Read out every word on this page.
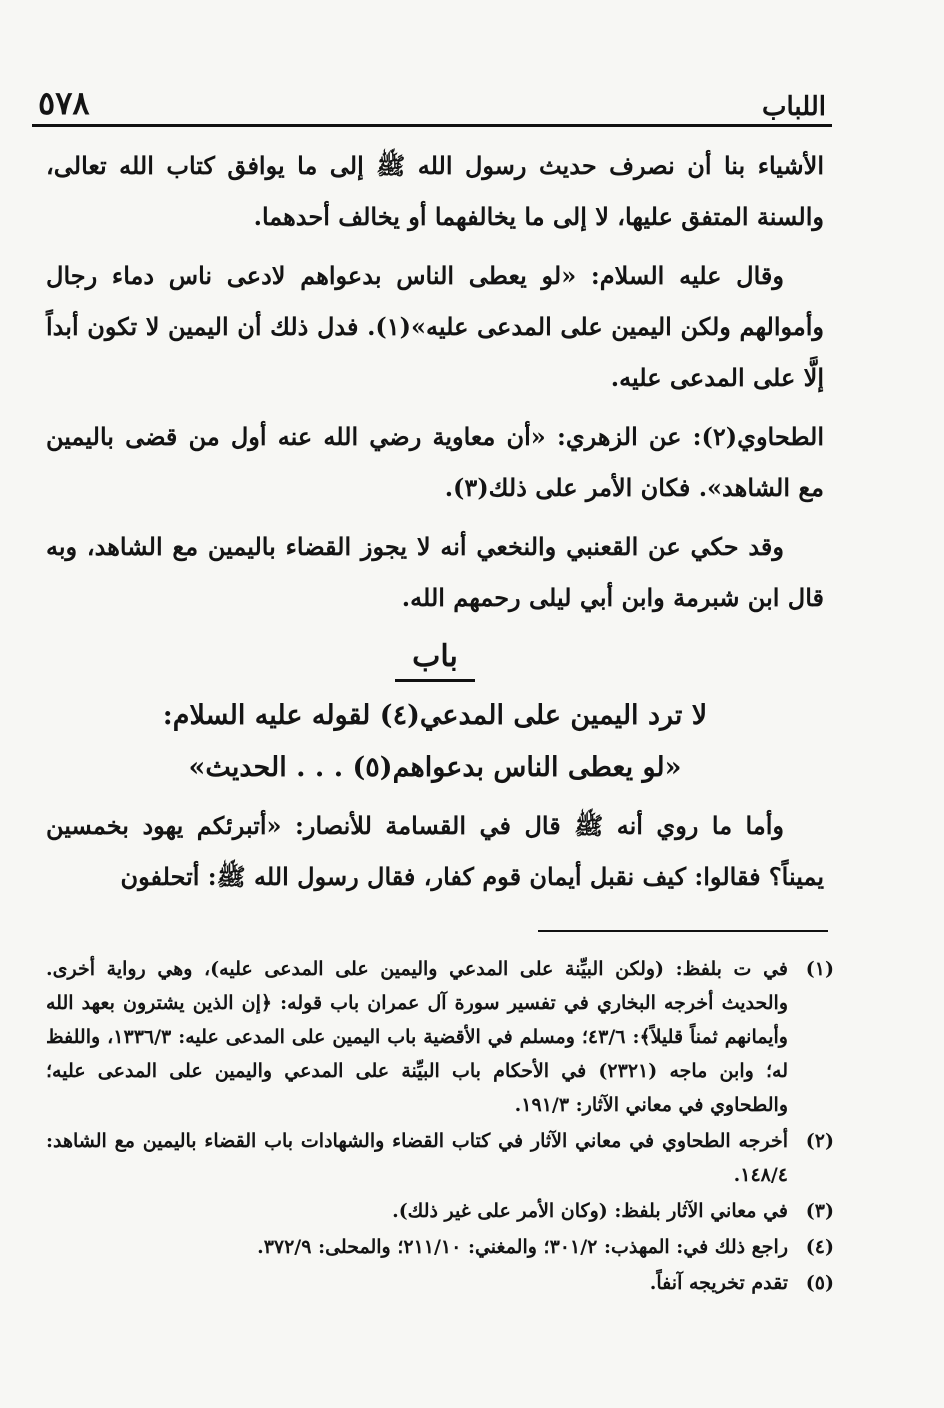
اللباب
٥٧٨

الأشياء بنا أن نصرف حديث رسول الله ﷺ إلى ما يوافق كتاب الله تعالى، والسنة المتفق عليها، لا إلى ما يخالفهما أو يخالف أحدهما.

وقال عليه السلام: «لو يعطى الناس بدعواهم لادعى ناس دماء رجال وأموالهم ولكن اليمين على المدعى عليه»(١). فدل ذلك أن اليمين لا تكون أبداً إلَّا على المدعى عليه.

الطحاوي(٢): عن الزهري: «أن معاوية رضي الله عنه أول من قضى باليمين مع الشاهد». فكان الأمر على ذلك(٣).

وقد حكي عن القعنبي والنخعي أنه لا يجوز القضاء باليمين مع الشاهد، وبه قال ابن شبرمة وابن أبي ليلى رحمهم الله.

باب
لا ترد اليمين على المدعي(٤) لقوله عليه السلام:
«لو يعطى الناس بدعواهم(٥) . . . الحديث»

وأما ما روي أنه ﷺ قال في القسامة للأنصار: «أتبرئكم يهود بخمسين يميناً؟ فقالوا: كيف نقبل أيمان قوم كفار، فقال رسول الله ﷺ: أتحلفون

(١)
في ت بلفظ: (ولكن البيِّنة على المدعي واليمين على المدعى عليه)، وهي رواية أخرى. والحديث أخرجه البخاري في تفسير سورة آل عمران باب قوله: ﴿إن الذين يشترون بعهد الله وأيمانهم ثمناً قليلاً﴾: ٤٣/٦؛ ومسلم في الأقضية باب اليمين على المدعى عليه: ١٣٣٦/٣، واللفظ له؛ وابن ماجه (٢٣٢١) في الأحكام باب البيِّنة على المدعي واليمين على المدعى عليه؛ والطحاوي في معاني الآثار: ١٩١/٣.
(٢)
أخرجه الطحاوي في معاني الآثار في كتاب القضاء والشهادات باب القضاء باليمين مع الشاهد: ١٤٨/٤.
(٣)
في معاني الآثار بلفظ: (وكان الأمر على غير ذلك).
(٤)
راجع ذلك في: المهذب: ٣٠١/٢؛ والمغني: ٢١١/١٠؛ والمحلى: ٣٧٢/٩.
(٥)
تقدم تخريجه آنفاً.
